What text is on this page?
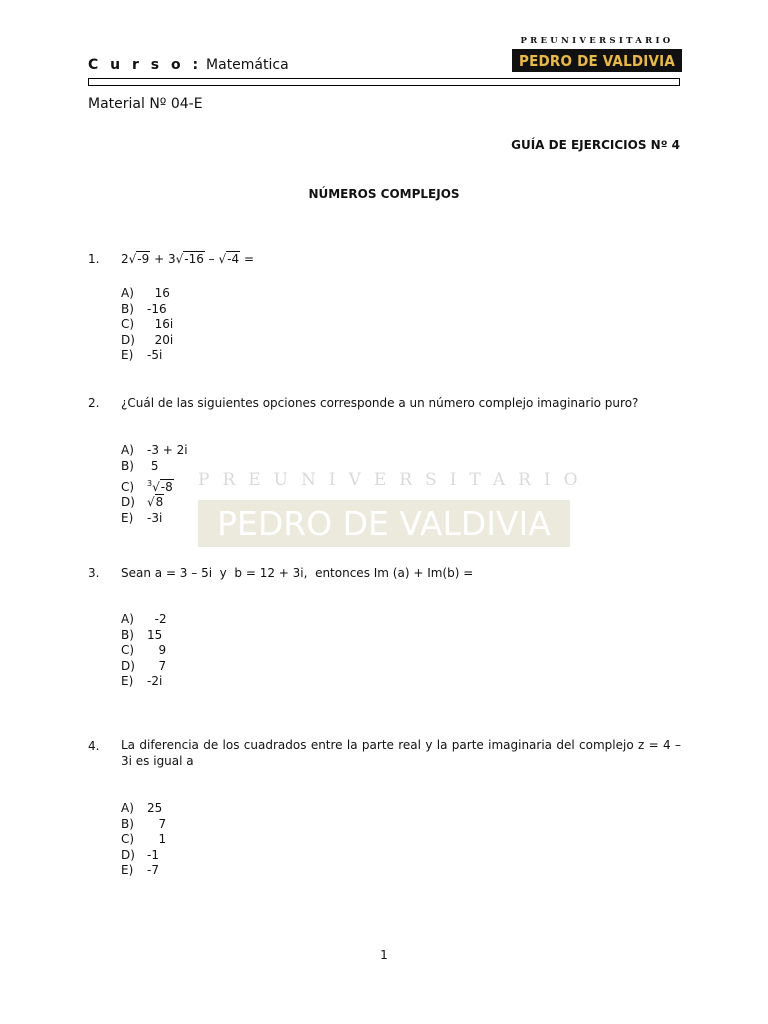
C u r s o : Matemática
PREUNIVERSITARIO
PEDRO DE VALDIVIA
Material Nº 04-E
GUÍA DE EJERCICIOS Nº 4
NÚMEROS COMPLEJOS
PREUNIVERSITARIO
PEDRO DE VALDIVIA
1. 2√-9 + 3√-16 – √-4 =
A)  16
B) -16
C)  16i
D)  20i
E) -5i
2. ¿Cuál de las siguientes opciones corresponde a un número complejo imaginario puro?
A) -3 + 2i
B) 5
C) $^3$√-8
D) √8
E) -3i
3. Sean a = 3 – 5i  y  b = 12 + 3i,  entonces Im (a) + Im(b) =
A)  -2
B) 15
C)   9
D)   7
E) -2i
4. La diferencia de los cuadrados entre la parte real y la parte imaginaria del complejo z = 4 – 3i es igual a
A) 25
B)   7
C)   1
D) -1
E) -7
1
